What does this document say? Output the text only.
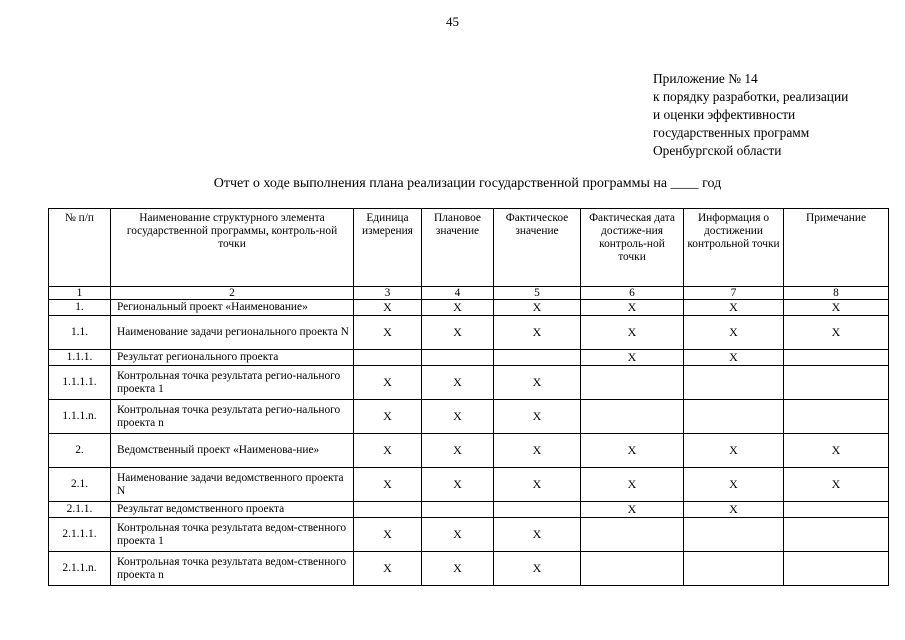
45
Приложение № 14
к порядку разработки, реализации
и оценки эффективности
государственных программ
Оренбургской области
Отчет о ходе выполнения плана реализации государственной программы на ____ год
№ п/п	Наименование структурного элемента государственной программы, контроль-ной точки	Единица измерения	Плановое значение	Фактическое значение	Фактическая дата достиже-ния контроль-ной точки	Информация о достижении контрольной точки	Примечание
1	2	3	4	5	6	7	8
1.	Региональный проект «Наименование»	X	X	X	X	X	X
1.1.	Наименование задачи регионального проекта N	X	X	X	X	X	X
1.1.1.	Результат регионального проекта				X	X	
1.1.1.1.	Контрольная точка результата регио-нального проекта 1	X	X	X			
1.1.1.n.	Контрольная точка результата регио-нального проекта n	X	X	X			
2.	Ведомственный проект «Наименова-ние»	X	X	X	X	X	X
2.1.	Наименование задачи ведомственного проекта N	X	X	X	X	X	X
2.1.1.	Результат ведомственного проекта				X	X	
2.1.1.1.	Контрольная точка результата ведом-ственного проекта 1	X	X	X			
2.1.1.n.	Контрольная точка результата ведом-ственного проекта n	X	X	X			
